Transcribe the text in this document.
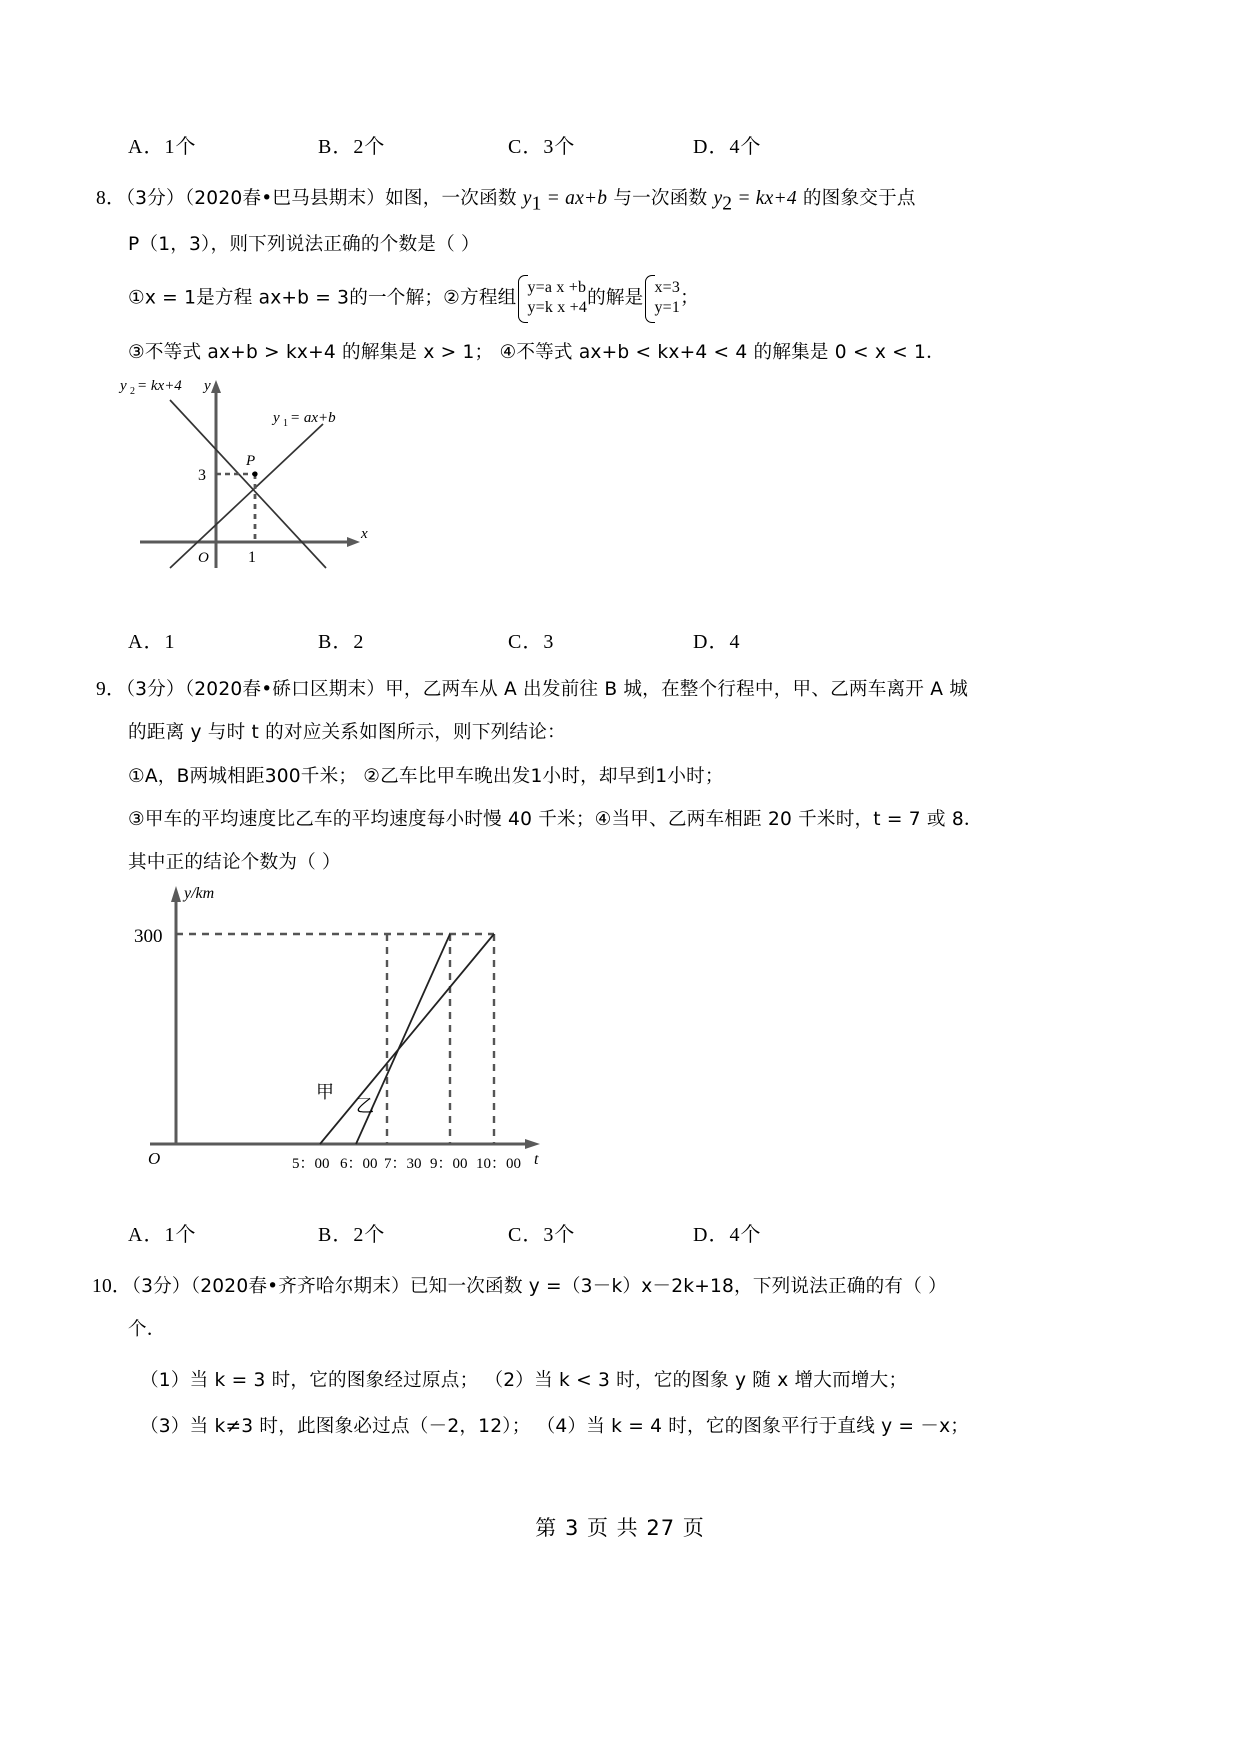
A．1个	B．2个	C．3个	D．4个
8．（3分）（2020春•巴马县期末）如图，一次函数 $y_1 = ax+b$ 与一次函数 $y_2 = kx+4$ 的图象交于点
P（1，3），则下列说法正确的个数是（ ）
①x = 1是方程 ax+b = 3的一个解；②方程组 y=a x +b
y=k x +4 的解是 x=3
y=1 ；
③不等式 ax+b > kx+4 的解集是 x > 1； ④不等式 ax+b < kx+4 < 4 的解集是 0 < x < 1．
y 2 = kx+4 y
y 1 = ax+b
P
3
O 1
x
A．1	B．2	C．3	D．4
9．（3分）（2020春•硚口区期末）甲，乙两车从 A 出发前往 B 城，在整个行程中，甲、乙两车离开 A 城
的距离 y 与时 t 的对应关系如图所示，则下列结论：
①A，B两城相距300千米； ②乙车比甲车晚出发1小时，却早到1小时；
③甲车的平均速度比乙车的平均速度每小时慢 40 千米；④当甲、乙两车相距 20 千米时，t = 7 或 8．
其中正的结论个数为（ ）
y/km
300
O	t
甲
乙
5：00 6：00 7：30 9：00 10：00
A．1个	B．2个	C．3个	D．4个
10．（3分）（2020春•齐齐哈尔期末）已知一次函数 y =（3－k）x－2k+18，下列说法正确的有（ ）
个．
（1）当 k = 3 时，它的图象经过原点； （2）当 k < 3 时，它的图象 y 随 x 增大而增大；
（3）当 k≠3 时，此图象必过点（－2，12）； （4）当 k = 4 时，它的图象平行于直线 y = －x；
第 3 页 共 27 页
